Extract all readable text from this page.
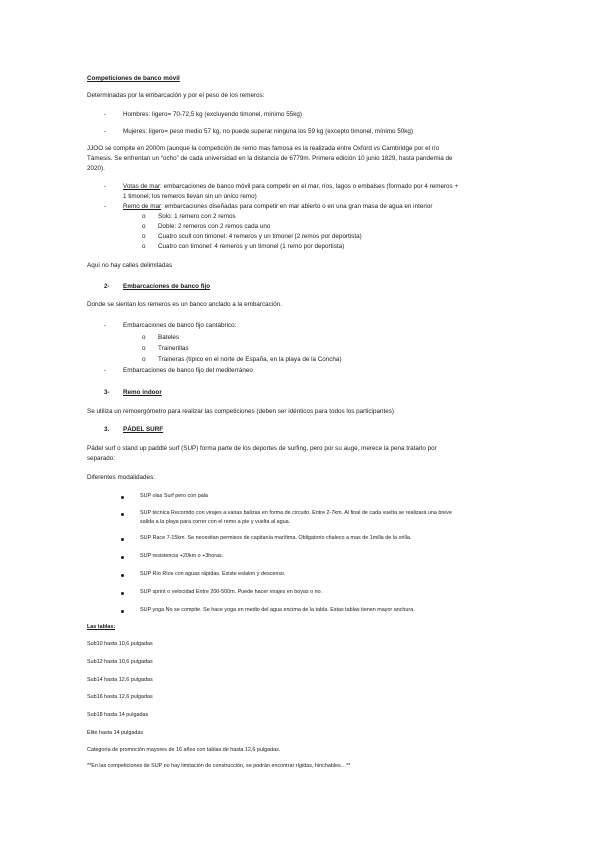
Competiciones de banco móvil
Determinadas por la embarcación y por el peso de los remeros:
-	Hombres: ligero= 70-72,5 kg (excluyendo timonel, mínimo 55kg)
-	Mujeres: ligero= peso medio 57 kg, no puede superar ninguna los 59 kg (excepto timonel, mínimo 50kg)
JJOO se compite en 2000m (aunque la competición de remo mas famosa es la realizada entre Oxford vs Cambridge por el río
Támesis. Se enfrentan un “ocho” de cada universidad en la distancia de 6779m. Primera edición 10 junio 1829, hasta pandemia de
2020).
-	Votas de mar: embarcaciones de banco móvil para competir en el mar, ríos, lagos o embalses (formado por 4 remeros +
1 timonel; los remeros llevan sin un único remo)
-	Remo de mar: embarcaciones diseñadas para competir en mar abierto o en una gran masa de agua en interior
o Solo: 1 remero con 2 remos
o Doble: 2 remeros con 2 remos cada uno
o Cuatro scull con timonel: 4 remeros y un timonel (2 remos por deportista)
o Cuatro con timonel: 4 remeros y un timonel (1 remo por deportista)
Aquí no hay calles delimitadas
2- Embarcaciones de banco fijo
Donde se sientan los remeros es un banco anclado a la embarcación.
-	Embarcaciones de banco fijo cantábrico:
o Bateles
o Trainerillas
o Traineras (típico en el norte de España, en la playa de la Concha)
-	Embarcaciones de banco fijo del mediterráneo
3- Remo indoor
Se utiliza un remoergómetro para realizar las competiciones (deben ser idénticos para todos los participantes)
3. PÁDEL SURF
Pádel surf o stand up paddle surf (SUP) forma parte de los deportes de surfing, pero por su auge, merece la pena tratarlo por
separado:
Diferentes modalidades:
SUP olas Surf pero con pala
SUP técnica Recorrido con virajes a varias balizas en forma de circuito. Entre 2-7km. Al final de cada vuelta se realizará una breve
salida a la playa para correr con el remo a pie y vuelta al agua.
SUP Race 7-15km. Se necesitan permisos de capitanía marítima. Obligatorio chaleco a mas de 1milla de la orilla.
SUP resistencia +20km o +3horas.
SUP Río Ríos con aguas rápidas. Existe eslalon y descenso.
SUP sprint o velocidad Entre 200-500m. Puede hacer virajes en boyas o no.
SUP yoga No se compite. Se hace yoga en medio del agua encima de la tabla. Estas tablas tienen mayor anchura.
Las tablas:
Sub10 hasta 10,6 pulgadas
Sub12 hasta 10,6 pulgadas
Sub14 hasta 12,6 pulgadas
Sub16 hasta 12,6 pulgadas
Sub18 hasta 14 pulgadas
Élite hasta 14 pulgadas
Categoría de promoción mayores de 16 años con tablas de hasta 12,6 pulgadas.
**En las competiciones de SUP no hay limitación de construcción, se podrán encontrar rígidas, hinchables…**
